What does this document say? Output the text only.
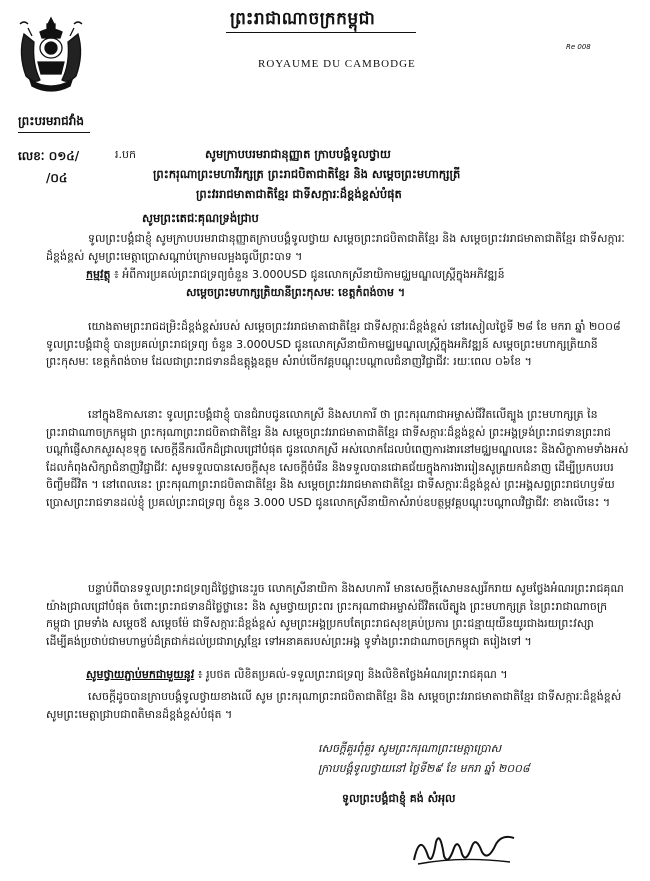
ព្រះរាជាណាចក្រកម្ពុជា
ROYAUME DU CAMBODGE
Re 008
ព្រះបរមរាជវាំង
លេខៈ ០១៤/
/០៤
រ.បក	សូមក្រាបបរមរាជានុញ្ញាត ក្រាបបង្គំទូលថ្វាយ
ព្រះករុណាព្រះមហាវីរក្សត្រ ព្រះរាជបិតាជាតិខ្មែរ និង សម្តេចព្រះមហាក្សត្រី
ព្រះវររាជមាតាជាតិខ្មែរ ជាទីសក្ការៈដ៏ខ្ពង់ខ្ពស់បំផុត
សូមព្រះតេជៈគុណទ្រង់ជ្រាប
ទូលព្រះបង្គំជាខ្ញុំ សូមក្រាបបរមរាជានុញ្ញាតក្រាបបង្គំទូលថ្វាយ សម្តេចព្រះរាជបិតាជាតិខ្មែរ និង សម្តេចព្រះវររាជមាតាជាតិខ្មែរ ជាទីសក្ការៈដ៏ខ្ពង់ខ្ពស់ សូមព្រះមេត្តាប្រោសណ្តាប់ក្រោមលម្អងធូលីព្រះបាទ ។
កម្មវត្ថុ ៖ អំពីការប្រគល់ព្រះរាជទ្រព្យចំនួន 3.000USD ជូនលោកស្រីនាយិកាមជ្ឈមណ្ឌលស្ត្រីក្នុងអភិវឌ្ឍន៍
សម្តេចព្រះមហាក្សត្រិយានីព្រះកុសមៈ ខេត្តកំពង់ចាម ។
យោងតាមព្រះរាជដម្រិះដ៏ខ្ពង់ខ្ពស់របស់ សម្តេចព្រះវររាជមាតាជាតិខ្មែរ ជាទីសក្ការៈដ៏ខ្ពង់ខ្ពស់ នៅរសៀលថ្ងៃទី ២៨ ខែ មករា ឆ្នាំ ២០០៨ ទូលព្រះបង្គំជាខ្ញុំ បានប្រគល់ព្រះរាជទ្រព្យ ចំនួន 3.000USD ជូនលោកស្រីនាយិកាមជ្ឈមណ្ឌលស្ត្រីក្នុងអភិវឌ្ឍន៍ សម្តេចព្រះមហាក្សត្រិយានីព្រះកុសមៈ ខេត្តកំពង់ចាម ដែលជាព្រះរាជទានដ៏ឧត្តុង្គឧត្តម សំរាប់បើកវគ្គបណ្តុះបណ្តាលជំនាញវិជ្ជាជីវៈ រយៈពេល ០៦ខែ ។
នៅក្នុងឱកាសនោះ ទូលព្រះបង្គំជាខ្ញុំ បានជំរាបជូនលោកស្រី និងសហការី ថា ព្រះករុណាជាអម្ចាស់ជីវិតលើត្បូង ព្រះមហាក្សត្រ នៃព្រះរាជាណាចក្រកម្ពុជា ព្រះករុណាព្រះរាជបិតាជាតិខ្មែរ និង សម្តេចព្រះវររាជមាតាជាតិខ្មែរ ជាទីសក្ការៈដ៏ខ្ពង់ខ្ពស់ ព្រះអង្គទ្រង់ព្រះរាជទានព្រះរាជបណ្តាំផ្ញើសាកសួរសុខទុក្ខ សេចក្តីនឹករលឹកដ៏ជ្រាលជ្រៅបំផុត ជូនលោកស្រី អស់លោកដែលបំពេញការងារនៅមជ្ឈមណ្ឌលនេះ និងសិក្ខាកាមទាំងអស់ ដែលកំពុងសិក្សាជំនាញវិជ្ជាជីវៈ សូមទទួលបានសេចក្តីសុខ សេចក្តីចំរើន និងទទួលបានជោគជ័យក្នុងការងាររៀនសូត្រយកជំនាញ ដើម្បីប្រកបរបរចិញ្ចឹមជីវិត ។ នៅពេលនេះ ព្រះករុណាព្រះរាជបិតាជាតិខ្មែរ និង សម្តេចព្រះវររាជមាតាជាតិខ្មែរ ជាទីសក្ការៈដ៏ខ្ពង់ខ្ពស់ ព្រះអង្គសព្វព្រះរាជហឫទ័យប្រោសព្រះរាជទានដល់ខ្ញុំ ប្រគល់ព្រះរាជទ្រព្យ ចំនួន 3.000 USD ជូនលោកស្រីនាយិកាសំរាប់ឧបត្ថម្ភវគ្គបណ្តុះបណ្តាលវិជ្ជាជីវៈ ខាងលើនេះ ។
បន្ទាប់ពីបានទទួលព្រះរាជទ្រព្យដ៏ថ្លៃថ្លានេះរួច លោកស្រីនាយិកា និងសហការី មានសេចក្តីសោមនស្សរីករាយ សូមថ្លែងអំណរព្រះរាជគុណយ៉ាងជ្រាលជ្រៅបំផុត ចំពោះព្រះរាជទានដ៏ថ្លៃថ្លានេះ និង សូមថ្វាយព្រះពរ ព្រះករុណាជាអម្ចាស់ជីវិតលើត្បូង ព្រះមហាក្សត្រ នៃព្រះរាជាណាចក្រកម្ពុជា ព្រមទាំង សម្តេចឪ សម្តេចម៉ែ ជាទីសក្ការៈដ៏ខ្ពង់ខ្ពស់ សូមព្រះអង្គប្រកបតែព្រះរាជសុខគ្រប់ប្រការ ព្រះជន្មាយុយឺនយូរជាងរយព្រះវស្សា ដើម្បីគង់ប្រថាប់ជាមហាម្លប់ដ៏ត្រជាក់ដល់ប្រជារាស្ត្រខ្មែរ ទៅអនាគតរបស់ព្រះអង្គ ទូទាំងព្រះរាជាណាចក្រកម្ពុជា តរៀងទៅ ។
សូមថ្វាយភ្ជាប់មកជាមួយនូវ ៖ រូបថត លិខិតប្រគល់-ទទួលព្រះរាជទ្រព្យ និងលិខិតថ្លែងអំណរព្រះរាជគុណ ។
សេចក្តីដូចបានក្រាបបង្គំទូលថ្វាយខាងលើ សូម ព្រះករុណាព្រះរាជបិតាជាតិខ្មែរ និង សម្តេចព្រះវររាជមាតាជាតិខ្មែរ ជាទីសក្ការៈដ៏ខ្ពង់ខ្ពស់ សូមព្រះមេត្តាជ្រាបជាពតិមានដ៏ខ្ពង់ខ្ពស់បំផុត ។
សេចក្តីគួរពុំគួរ សូមព្រះករុណាព្រះមេត្តាប្រោស
ក្រាបបង្គំទូលថ្វាយនៅ ថ្ងៃទី២៩ ខែ មករា ឆ្នាំ ២០០៨
ទូលព្រះបង្គំជាខ្ញុំ គង់ សំអុល
